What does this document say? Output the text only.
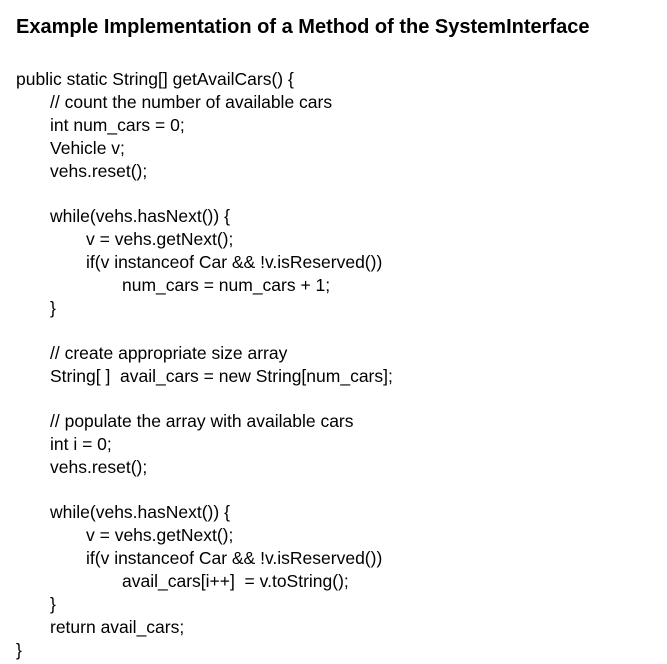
Example Implementation of a Method of the SystemInterface
public static String[] getAvailCars() {
// count the number of available cars
int num_cars = 0;
Vehicle v;
vehs.reset();
while(vehs.hasNext()) {
v = vehs.getNext();
if(v instanceof Car && !v.isReserved())
num_cars = num_cars + 1;
}
// create appropriate size array
String[ ]  avail_cars = new String[num_cars];
// populate the array with available cars
int i = 0;
vehs.reset();
while(vehs.hasNext()) {
v = vehs.getNext();
if(v instanceof Car && !v.isReserved())
avail_cars[i++]  = v.toString();
}
return avail_cars;
}
